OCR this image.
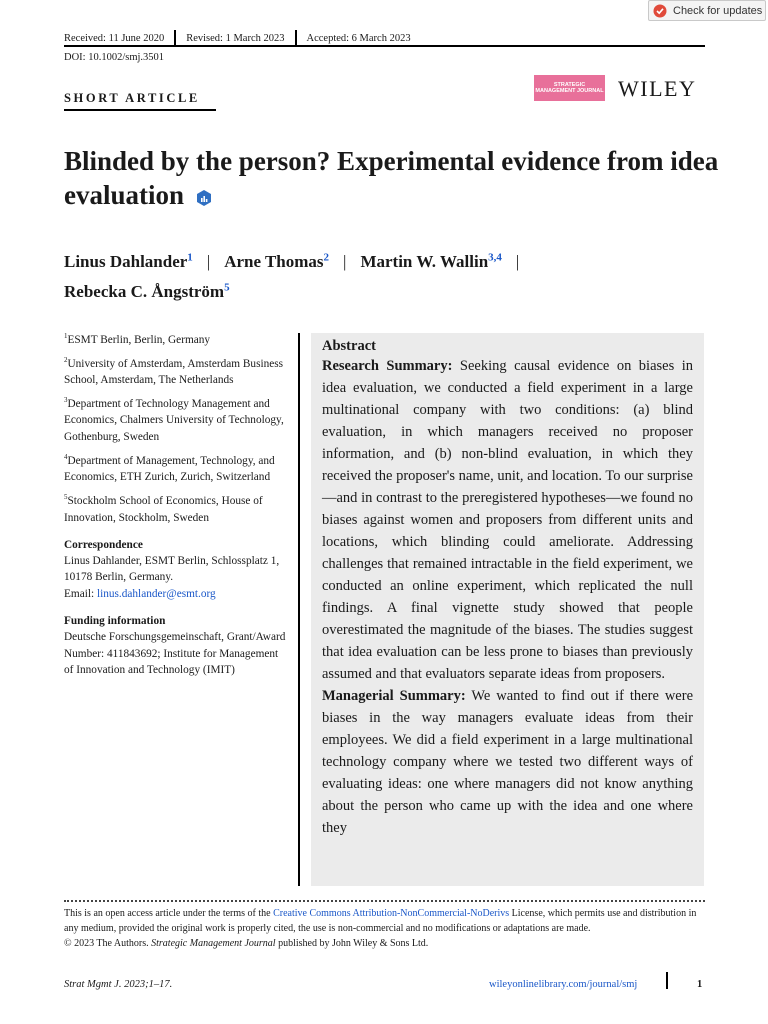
Check for updates
Received: 11 June 2020 Revised: 1 March 2023 Accepted: 6 March 2023
DOI: 10.1002/smj.3501
SHORT ARTICLE
STRATEGIC MANAGEMENT JOURNAL WILEY
Blinded by the person? Experimental evidence from idea evaluation
Linus Dahlander$^1$ | Arne Thomas$^2$ | Martin W. Wallin$^{3,4}$ |
Rebecka C. Ångström$^5$
$^1$ESMT Berlin, Berlin, Germany
$^2$University of Amsterdam, Amsterdam Business School, Amsterdam, The Netherlands
$^3$Department of Technology Management and Economics, Chalmers University of Technology, Gothenburg, Sweden
$^4$Department of Management, Technology, and Economics, ETH Zurich, Zurich, Switzerland
$^5$Stockholm School of Economics, House of Innovation, Stockholm, Sweden
Correspondence
Linus Dahlander, ESMT Berlin, Schlossplatz 1, 10178 Berlin, Germany.
Email: linus.dahlander@esmt.org
Funding information
Deutsche Forschungsgemeinschaft, Grant/Award Number: 411843692; Institute for Management of Innovation and Technology (IMIT)
Abstract

Research Summary: Seeking causal evidence on biases in idea evaluation, we conducted a field experiment in a large multinational company with two conditions: (a) blind evaluation, in which managers received no proposer information, and (b) non-blind evaluation, in which they received the proposer's name, unit, and location. To our surprise—and in contrast to the preregistered hypotheses—we found no biases against women and proposers from different units and locations, which blinding could ameliorate. Addressing challenges that remained intractable in the field experiment, we conducted an online experiment, which replicated the null findings. A final vignette study showed that people overestimated the magnitude of the biases. The studies suggest that idea evaluation can be less prone to biases than previously assumed and that evaluators separate ideas from proposers.

Managerial Summary: We wanted to find out if there were biases in the way managers evaluate ideas from their employees. We did a field experiment in a large multinational technology company where we tested two different ways of evaluating ideas: one where managers did not know anything about the person who came up with the idea and one where they

This is an open access article under the terms of the Creative Commons Attribution-NonCommercial-NoDerivs License, which permits use and distribution in any medium, provided the original work is properly cited, the use is non-commercial and no modifications or adaptations are made.
© 2023 The Authors. Strategic Management Journal published by John Wiley & Sons Ltd.
Strat Mgmt J. 2023;1–17.	wileyonlinelibrary.com/journal/smj	1
